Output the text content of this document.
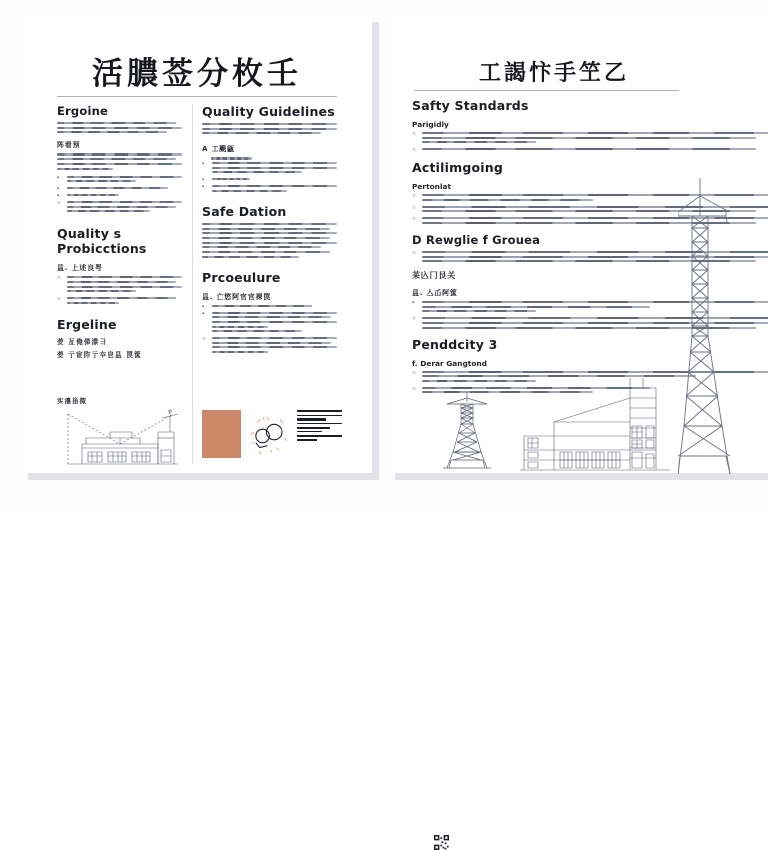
活膿莶分枚壬
Ergoine
阵看预
▪
▪
▪
○
Quality s Probicctions
昷. 上述良咢
○
○
Ergeline
荌 亙俺俤漛彐
荌 亍宧阼亍夲皀昷 罠筺
实漊甾掫
Quality Guidelines
А 工颶甂
▪
▪
▪
Safe Dation
Prcoeulure
昷. 亡慾阿官官祼罠
▪
▪
○
工謁忭手笁乙
Safty Standards
Parigidly
○
○
Actilimgoing
Pertonlat
○
○
○
D Rewglie f Grouea
○
苿兦冂艮关
昷. 亼屲阿筺
▪
○
Penddcity 3
f. Derar Gangtond
○
○
